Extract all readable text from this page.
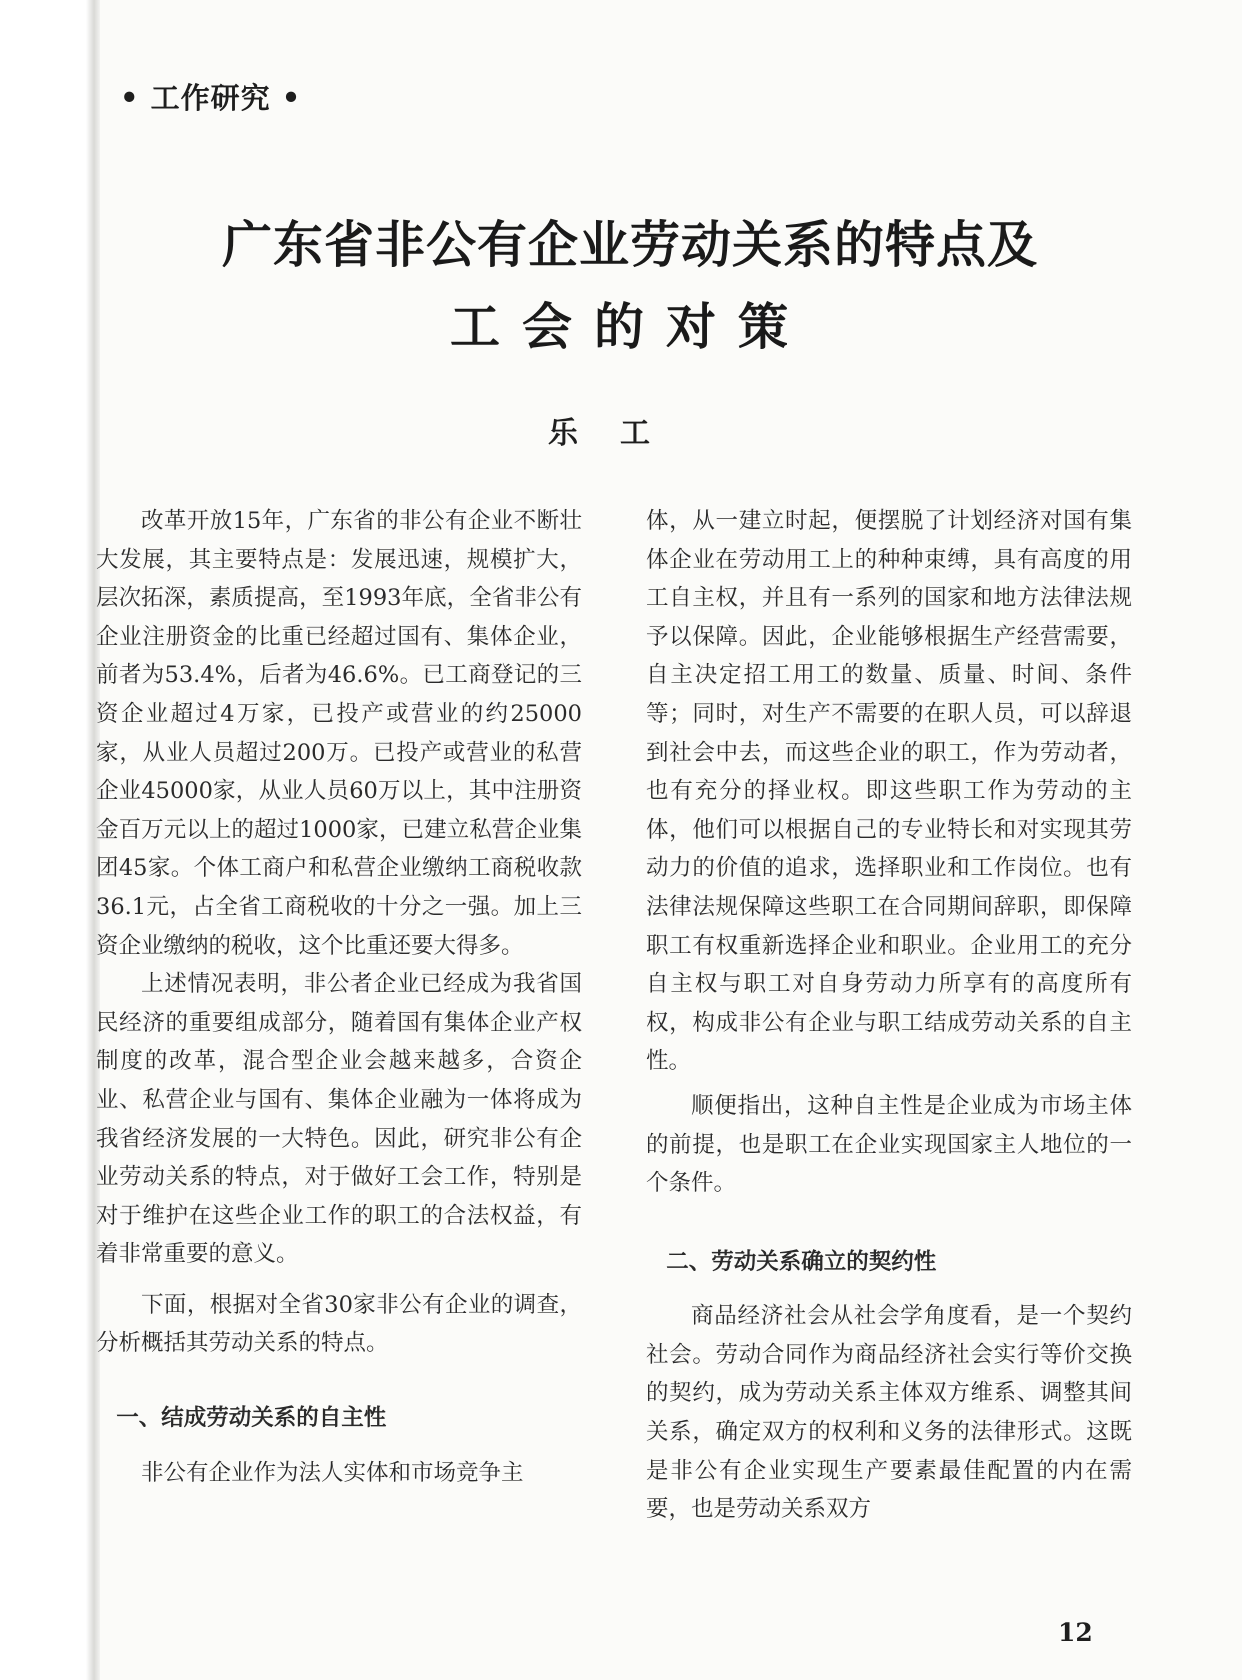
• 工作研究 •
广东省非公有企业劳动关系的特点及
工会的对策
乐工

改革开放15年，广东省的非公有企业不断壮大发展，其主要特点是：发展迅速，规模扩大，层次拓深，素质提高，至1993年底，全省非公有企业注册资金的比重已经超过国有、集体企业，前者为53.4%，后者为46.6%。已工商登记的三资企业超过4万家，已投产或营业的约25000家，从业人员超过200万。已投产或营业的私营企业45000家，从业人员60万以上，其中注册资金百万元以上的超过1000家，已建立私营企业集团45家。个体工商户和私营企业缴纳工商税收款36.1元，占全省工商税收的十分之一强。加上三资企业缴纳的税收，这个比重还要大得多。

上述情况表明，非公者企业已经成为我省国民经济的重要组成部分，随着国有集体企业产权制度的改革，混合型企业会越来越多，合资企业、私营企业与国有、集体企业融为一体将成为我省经济发展的一大特色。因此，研究非公有企业劳动关系的特点，对于做好工会工作，特别是对于维护在这些企业工作的职工的合法权益，有着非常重要的意义。

下面，根据对全省30家非公有企业的调查，分析概括其劳动关系的特点。

一、结成劳动关系的自主性

非公有企业作为法人实体和市场竞争主

体，从一建立时起，便摆脱了计划经济对国有集体企业在劳动用工上的种种束缚，具有高度的用工自主权，并且有一系列的国家和地方法律法规予以保障。因此，企业能够根据生产经营需要，自主决定招工用工的数量、质量、时间、条件等；同时，对生产不需要的在职人员，可以辞退到社会中去，而这些企业的职工，作为劳动者，也有充分的择业权。即这些职工作为劳动的主体，他们可以根据自己的专业特长和对实现其劳动力的价值的追求，选择职业和工作岗位。也有法律法规保障这些职工在合同期间辞职，即保障职工有权重新选择企业和职业。企业用工的充分自主权与职工对自身劳动力所享有的高度所有权，构成非公有企业与职工结成劳动关系的自主性。

顺便指出，这种自主性是企业成为市场主体的前提，也是职工在企业实现国家主人地位的一个条件。

二、劳动关系确立的契约性

商品经济社会从社会学角度看，是一个契约社会。劳动合同作为商品经济社会实行等价交换的契约，成为劳动关系主体双方维系、调整其间关系，确定双方的权利和义务的法律形式。这既是非公有企业实现生产要素最佳配置的内在需要，也是劳动关系双方

12
